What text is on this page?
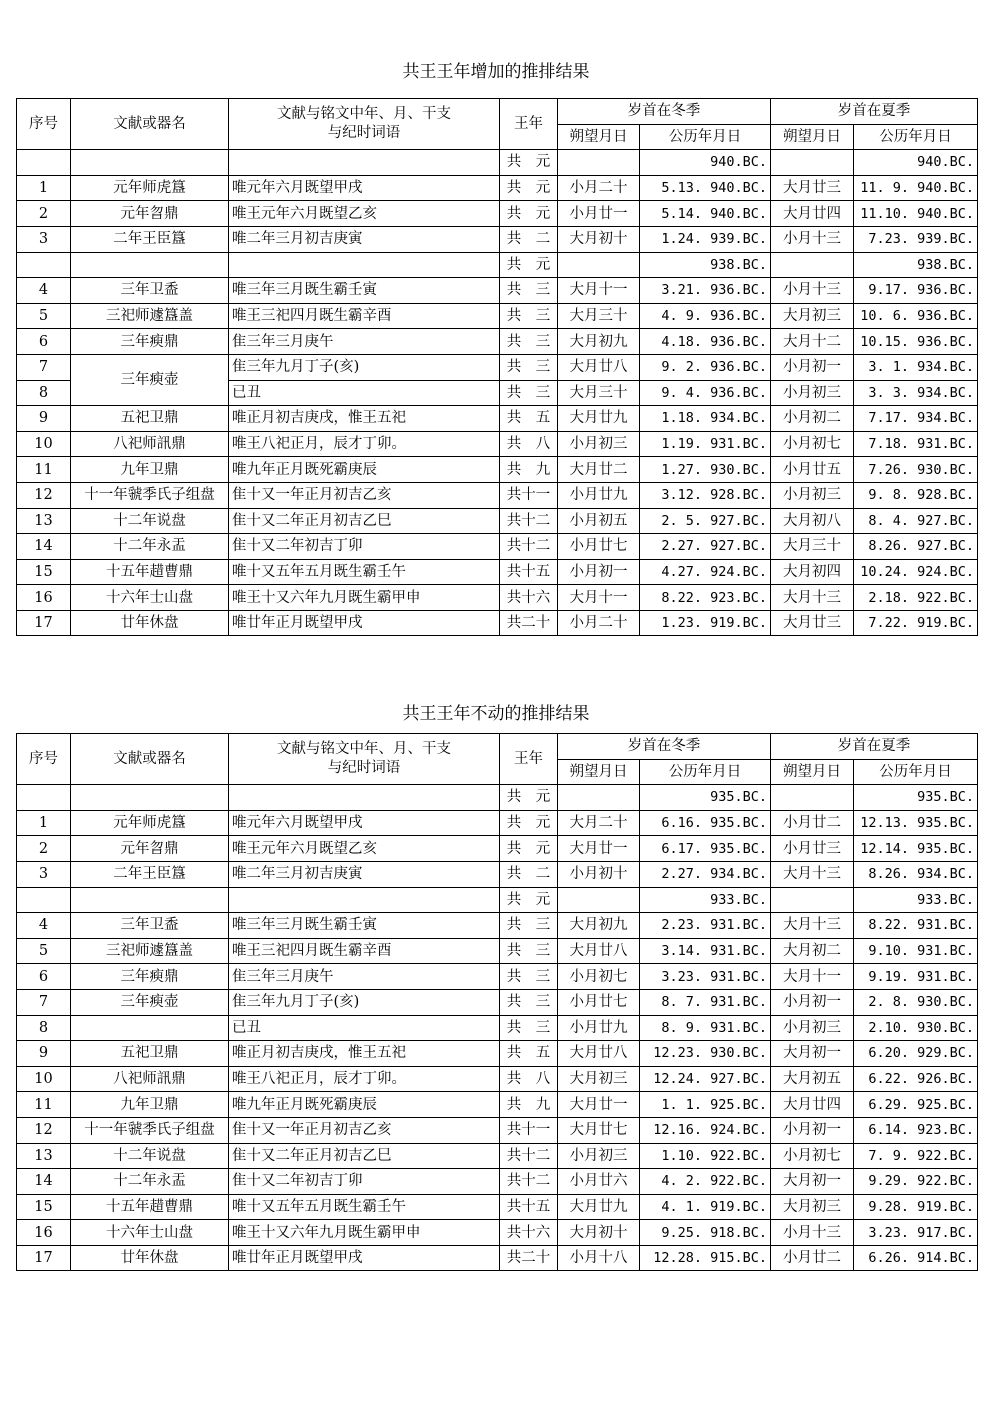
共王王年增加的推排结果
序号	文献或器名	文献与铭文中年、月、干支
与纪时词语	王年	岁首在冬季		岁首在夏季	
				朔望月日	公历年月日	朔望月日	公历年月日
			共　元		940.BC.		940.BC.
1	元年师虎簋	唯元年六月既望甲戌	共　元	小月二十	5.13. 940.BC.	大月廿三	11. 9. 940.BC.
2	元年曶鼎	唯王元年六月既望乙亥	共　元	小月廿一	5.14. 940.BC.	大月廿四	11.10. 940.BC.
3	二年王臣簋	唯二年三月初吉庚寅	共　二	大月初十	1.24. 939.BC.	小月十三	7.23. 939.BC.
			共　元		938.BC.		938.BC.
4	三年卫盉	唯三年三月既生霸壬寅	共　三	大月十一	3.21. 936.BC.	小月十三	9.17. 936.BC.
5	三祀师遽簋盖	唯王三祀四月既生霸辛酉	共　三	大月三十	4. 9. 936.BC.	大月初三	10. 6. 936.BC.
6	三年瘐鼎	隹三年三月庚午	共　三	大月初九	4.18. 936.BC.	大月十二	10.15. 936.BC.
7	三年瘐壶	隹三年九月丁子(亥)	共　三	大月廿八	9. 2. 936.BC.	小月初一	3. 1. 934.BC.
8		已丑	共　三	大月三十	9. 4. 936.BC.	小月初三	3. 3. 934.BC.
9	五祀卫鼎	唯正月初吉庚戌，惟王五祀	共　五	大月廿九	1.18. 934.BC.	小月初二	7.17. 934.BC.
10	八祀师訊鼎	唯王八祀正月，辰才丁卯。	共　八	小月初三	1.19. 931.BC.	小月初七	7.18. 931.BC.
11	九年卫鼎	唯九年正月既死霸庚辰	共　九	大月廿二	1.27. 930.BC.	小月廿五	7.26. 930.BC.
12	十一年虢季氏子组盘	隹十又一年正月初吉乙亥	共十一	小月廿九	3.12. 928.BC.	小月初三	9. 8. 928.BC.
13	十二年说盘	隹十又二年正月初吉乙巳	共十二	小月初五	2. 5. 927.BC.	大月初八	8. 4. 927.BC.
14	十二年永盂	隹十又二年初吉丁卯	共十二	小月廿七	2.27. 927.BC.	大月三十	8.26. 927.BC.
15	十五年趞曹鼎	唯十又五年五月既生霸壬午	共十五	小月初一	4.27. 924.BC.	大月初四	10.24. 924.BC.
16	十六年士山盘	唯王十又六年九月既生霸甲申	共十六	大月十一	8.22. 923.BC.	大月十三	2.18. 922.BC.
17	廿年休盘	唯廿年正月既望甲戌	共二十	小月二十	1.23. 919.BC.	大月廿三	7.22. 919.BC.
共王王年不动的推排结果
序号	文献或器名	文献与铭文中年、月、干支
与纪时词语	王年	岁首在冬季		岁首在夏季	
				朔望月日	公历年月日	朔望月日	公历年月日
			共　元		935.BC.		935.BC.
1	元年师虎簋	唯元年六月既望甲戌	共　元	大月二十	6.16. 935.BC.	小月廿二	12.13. 935.BC.
2	元年曶鼎	唯王元年六月既望乙亥	共　元	大月廿一	6.17. 935.BC.	小月廿三	12.14. 935.BC.
3	二年王臣簋	唯二年三月初吉庚寅	共　二	小月初十	2.27. 934.BC.	大月十三	8.26. 934.BC.
			共　元		933.BC.		933.BC.
4	三年卫盉	唯三年三月既生霸壬寅	共　三	大月初九	2.23. 931.BC.	大月十三	8.22. 931.BC.
5	三祀师遽簋盖	唯王三祀四月既生霸辛酉	共　三	大月廿八	3.14. 931.BC.	大月初二	9.10. 931.BC.
6	三年瘐鼎	隹三年三月庚午	共　三	小月初七	3.23. 931.BC.	大月十一	9.19. 931.BC.
7	三年瘐壶	隹三年九月丁子(亥)	共　三	小月廿七	8. 7. 931.BC.	小月初一	2. 8. 930.BC.
8		已丑	共　三	小月廿九	8. 9. 931.BC.	小月初三	2.10. 930.BC.
9	五祀卫鼎	唯正月初吉庚戌，惟王五祀	共　五	大月廿八	12.23. 930.BC.	大月初一	6.20. 929.BC.
10	八祀师訊鼎	唯王八祀正月，辰才丁卯。	共　八	大月初三	12.24. 927.BC.	大月初五	6.22. 926.BC.
11	九年卫鼎	唯九年正月既死霸庚辰	共　九	大月廿一	1. 1. 925.BC.	大月廿四	6.29. 925.BC.
12	十一年虢季氏子组盘	隹十又一年正月初吉乙亥	共十一	大月廿七	12.16. 924.BC.	小月初一	6.14. 923.BC.
13	十二年说盘	隹十又二年正月初吉乙巳	共十二	小月初三	1.10. 922.BC.	小月初七	7. 9. 922.BC.
14	十二年永盂	隹十又二年初吉丁卯	共十二	小月廿六	4. 2. 922.BC.	大月初一	9.29. 922.BC.
15	十五年趞曹鼎	唯十又五年五月既生霸壬午	共十五	大月廿九	4. 1. 919.BC.	大月初三	9.28. 919.BC.
16	十六年士山盘	唯王十又六年九月既生霸甲申	共十六	大月初十	9.25. 918.BC.	小月十三	3.23. 917.BC.
17	廿年休盘	唯廿年正月既望甲戌	共二十	小月十八	12.28. 915.BC.	小月廿二	6.26. 914.BC.
